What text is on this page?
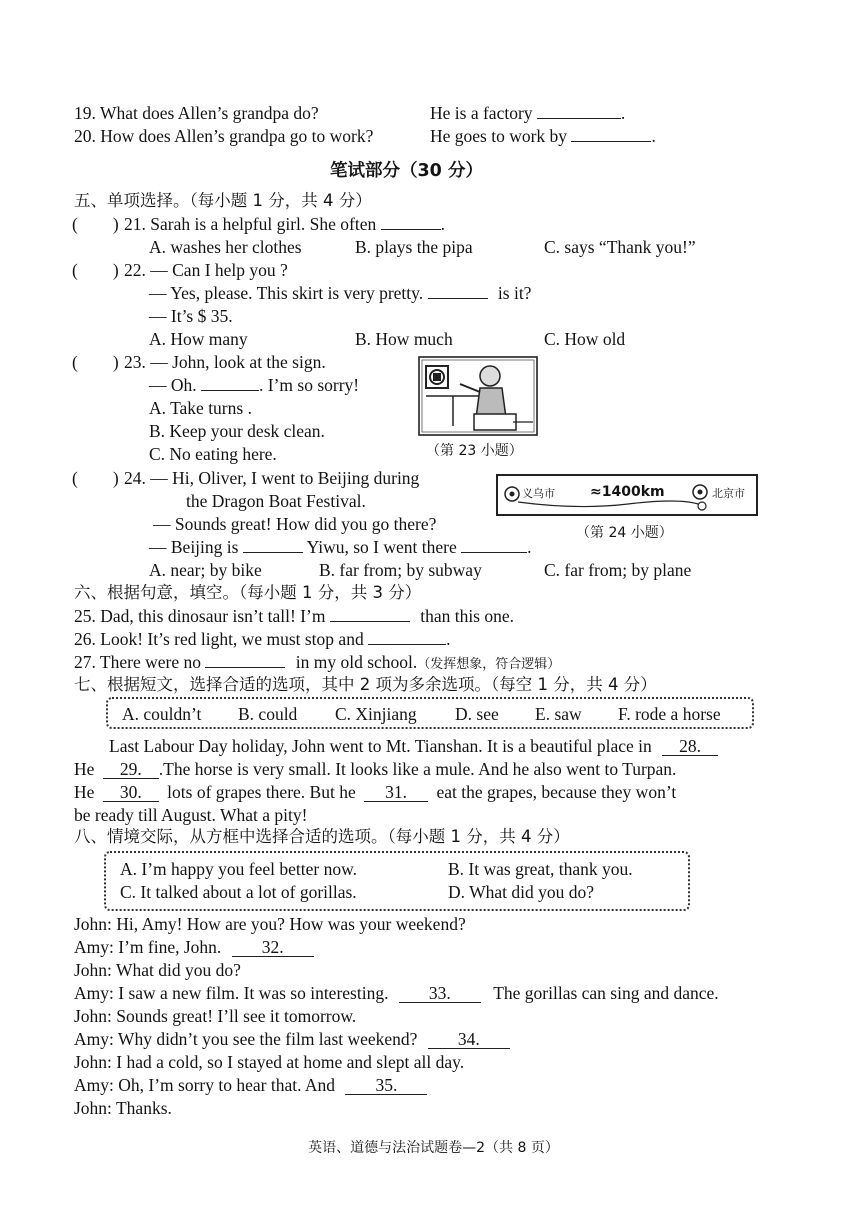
19. What does Allen’s grandpa do?	He is a factory	.
20. How does Allen’s grandpa go to work?	He goes to work by	.
笔试部分（30 分）
五、单项选择。（每小题 1 分，共 4 分）
(　　) 21. Sarah is a helpful girl. She often	.
A. washes her clothes	B. plays the pipa	C. says “Thank you!”
(　　) 22. — Can I help you ?
— Yes, please. This skirt is very pretty.	is it?
— It’s $ 35.
A. How many	B. How much	C. How old
(　　) 23. — John, look at the sign.
— Oh.	. I’m so sorry!
A. Take turns .
B. Keep your desk clean.
C. No eating here.	（第 23 小题）
(　　) 24. — Hi, Oliver, I went to Beijing during
the Dragon Boat Festival.
— Sounds great! How did you go there?
— Beijing is	Yiwu, so I went there	.
A. near; by bike	B. far from; by subway	C. far from; by plane
义乌市	≈1400km	北京市
（第 24 小题）
六、根据句意，填空。（每小题 1 分，共 3 分）
25. Dad, this dinosaur isn’t tall! I’m	than this one.
26. Look! It’s red light, we must stop and	.
27. There were no	in my old school.（发挥想象，符合逻辑）
七、根据短文，选择合适的选项，其中 2 项为多余选项。（每空 1 分，共 4 分）
A. couldn’t B. could C. Xinjiang D. see E. saw F. rode a horse
Last Labour Day holiday, John went to Mt. Tianshan. It is a beautiful place in 28.
He 29. .The horse is very small. It looks like a mule. And he also went to Turpan.
He 30. lots of grapes there. But he 31. eat the grapes, because they won’t
be ready till August. What a pity!
八、情境交际，从方框中选择合适的选项。（每小题 1 分，共 4 分）
A. I’m happy you feel better now.	B. It was great, thank you.
C. It talked about a lot of gorillas.	D. What did you do?
John: Hi, Amy! How are you? How was your weekend?
Amy: I’m fine, John. 32.
John: What did you do?
Amy: I saw a new film. It was so interesting. 33. The gorillas can sing and dance.
John: Sounds great! I’ll see it tomorrow.
Amy: Why didn’t you see the film last weekend? 34.
John: I had a cold, so I stayed at home and slept all day.
Amy: Oh, I’m sorry to hear that. And 35.
John: Thanks.
英语、道德与法治试题卷—2（共 8 页）
